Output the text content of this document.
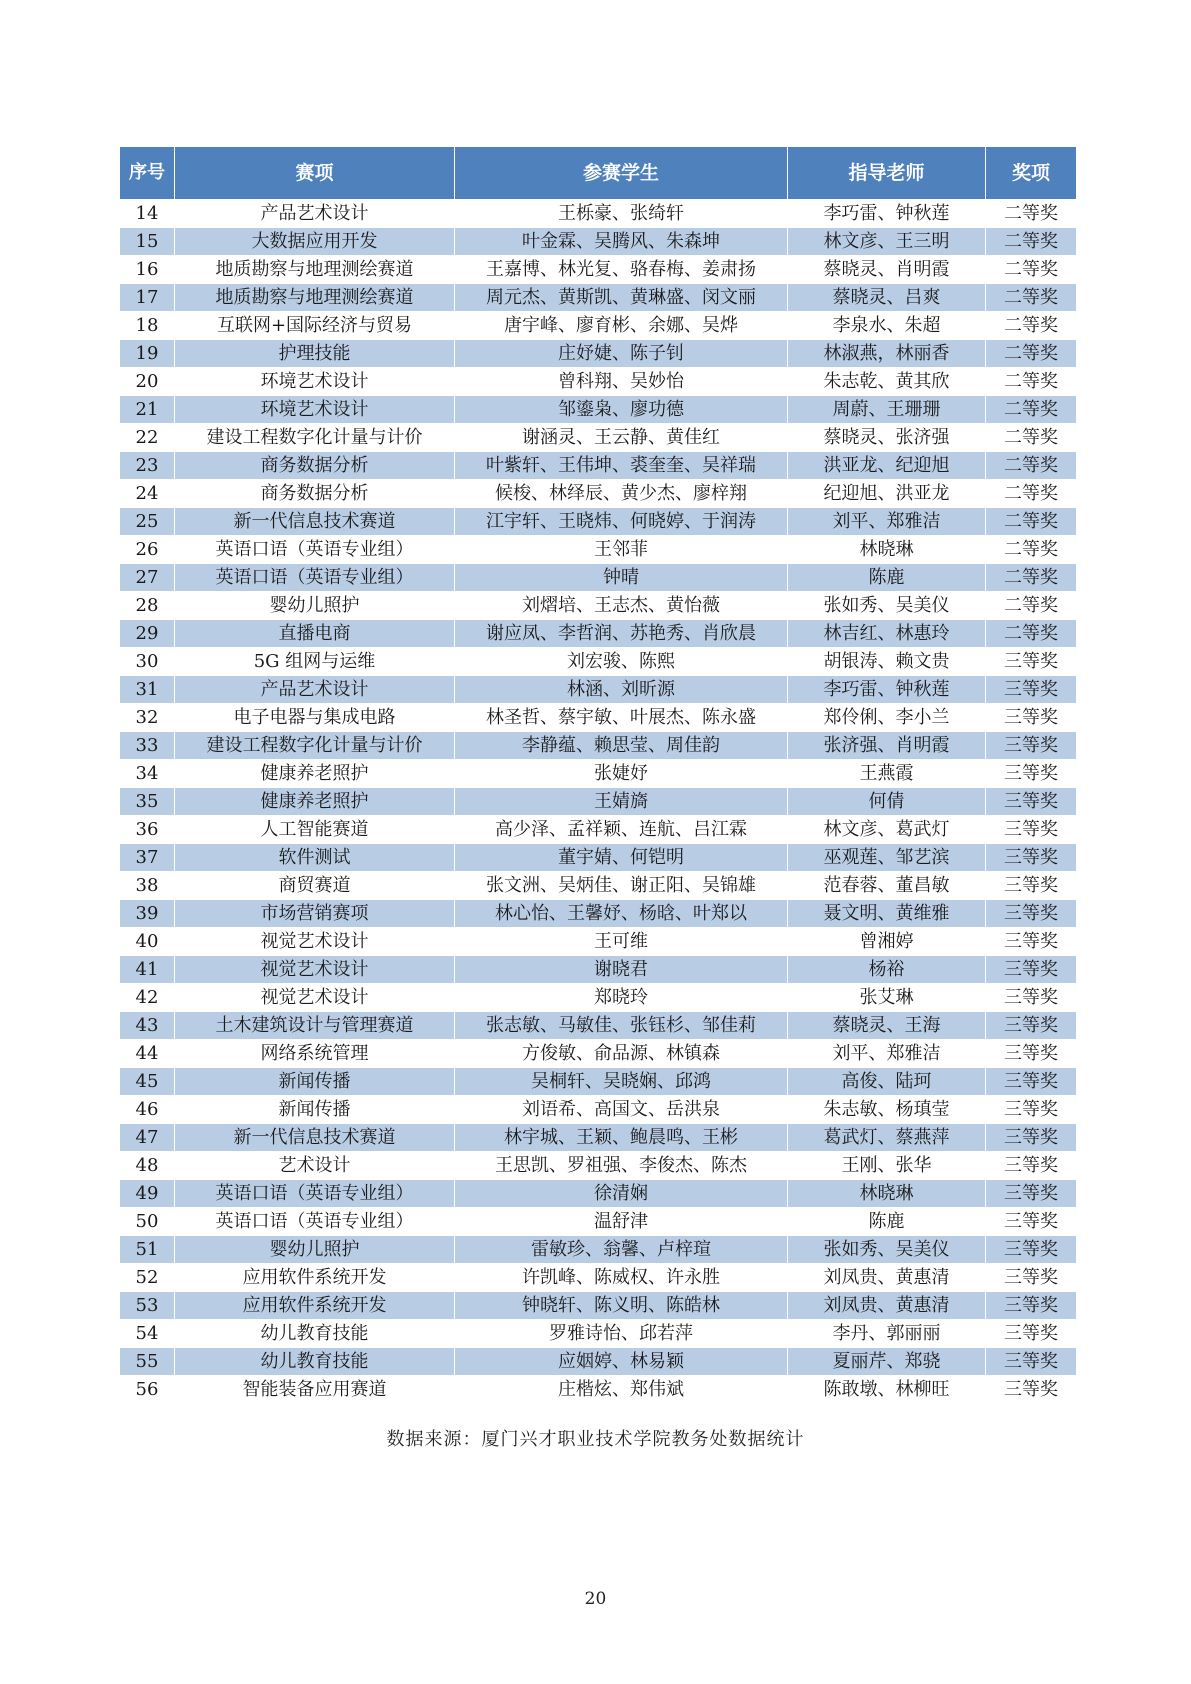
序号	赛项	参赛学生	指导老师	奖项
14	产品艺术设计	王栎豪、张绮轩	李巧雷、钟秋莲	二等奖
15	大数据应用开发	叶金霖、吴腾风、朱森坤	林文彦、王三明	二等奖
16	地质勘察与地理测绘赛道	王嘉博、林光复、骆春梅、姜肃扬	蔡晓灵、肖明霞	二等奖
17	地质勘察与地理测绘赛道	周元杰、黄斯凯、黄琳盛、闵文丽	蔡晓灵、吕爽	二等奖
18	互联网+国际经济与贸易	唐宇峰、廖育彬、余娜、吴烨	李泉水、朱超	二等奖
19	护理技能	庄妤婕、陈子钊	林淑燕，林丽香	二等奖
20	环境艺术设计	曾科翔、吴妙怡	朱志乾、黄其欣	二等奖
21	环境艺术设计	邹鎏枭、廖功德	周蔚、王珊珊	二等奖
22	建设工程数字化计量与计价	谢涵灵、王云静、黄佳红	蔡晓灵、张济强	二等奖
23	商务数据分析	叶紫轩、王伟坤、裘奎奎、吴祥瑞	洪亚龙、纪迎旭	二等奖
24	商务数据分析	候梭、林绎辰、黄少杰、廖梓翔	纪迎旭、洪亚龙	二等奖
25	新一代信息技术赛道	江宇轩、王晓炜、何晓婷、于润涛	刘平、郑雅洁	二等奖
26	英语口语（英语专业组）	王邻菲	林晓琳	二等奖
27	英语口语（英语专业组）	钟晴	陈鹿	二等奖
28	婴幼儿照护	刘熠培、王志杰、黄怡薇	张如秀、吴美仪	二等奖
29	直播电商	谢应凤、李哲润、苏艳秀、肖欣晨	林吉红、林惠玲	二等奖
30	5G 组网与运维	刘宏骏、陈熙	胡银涛、赖文贵	三等奖
31	产品艺术设计	林涵、刘昕源	李巧雷、钟秋莲	三等奖
32	电子电器与集成电路	林圣哲、蔡宇敏、叶展杰、陈永盛	郑伶俐、李小兰	三等奖
33	建设工程数字化计量与计价	李静蕴、赖思莹、周佳韵	张济强、肖明霞	三等奖
34	健康养老照护	张婕妤	王燕霞	三等奖
35	健康养老照护	王婧旖	何倩	三等奖
36	人工智能赛道	高少泽、孟祥颖、连航、吕江霖	林文彦、葛武灯	三等奖
37	软件测试	董宇婧、何铠明	巫观莲、邹艺滨	三等奖
38	商贸赛道	张文洲、吴炳佳、谢正阳、吴锦雄	范春蓉、董昌敏	三等奖
39	市场营销赛项	林心怡、王馨妤、杨晗、叶郑以	聂文明、黄维雅	三等奖
40	视觉艺术设计	王可维	曾湘婷	三等奖
41	视觉艺术设计	谢晓君	杨裕	三等奖
42	视觉艺术设计	郑晓玲	张艾琳	三等奖
43	土木建筑设计与管理赛道	张志敏、马敏佳、张钰杉、邹佳莉	蔡晓灵、王海	三等奖
44	网络系统管理	方俊敏、俞品源、林镇森	刘平、郑雅洁	三等奖
45	新闻传播	吴桐轩、吴晓娴、邱鸿	高俊、陆珂	三等奖
46	新闻传播	刘语希、高国文、岳洪泉	朱志敏、杨瑱莹	三等奖
47	新一代信息技术赛道	林宇城、王颖、鲍晨鸣、王彬	葛武灯、蔡燕萍	三等奖
48	艺术设计	王思凯、罗祖强、李俊杰、陈杰	王刚、张华	三等奖
49	英语口语（英语专业组）	徐清娴	林晓琳	三等奖
50	英语口语（英语专业组）	温舒津	陈鹿	三等奖
51	婴幼儿照护	雷敏珍、翁馨、卢梓瑄	张如秀、吴美仪	三等奖
52	应用软件系统开发	许凯峰、陈威权、许永胜	刘凤贵、黄惠清	三等奖
53	应用软件系统开发	钟晓轩、陈义明、陈皓林	刘凤贵、黄惠清	三等奖
54	幼儿教育技能	罗雅诗怡、邱若萍	李丹、郭丽丽	三等奖
55	幼儿教育技能	应姻婷、林易颖	夏丽芹、郑骁	三等奖
56	智能装备应用赛道	庄楷炫、郑伟斌	陈敢墩、林柳旺	三等奖
数据来源：厦门兴才职业技术学院教务处数据统计
20
